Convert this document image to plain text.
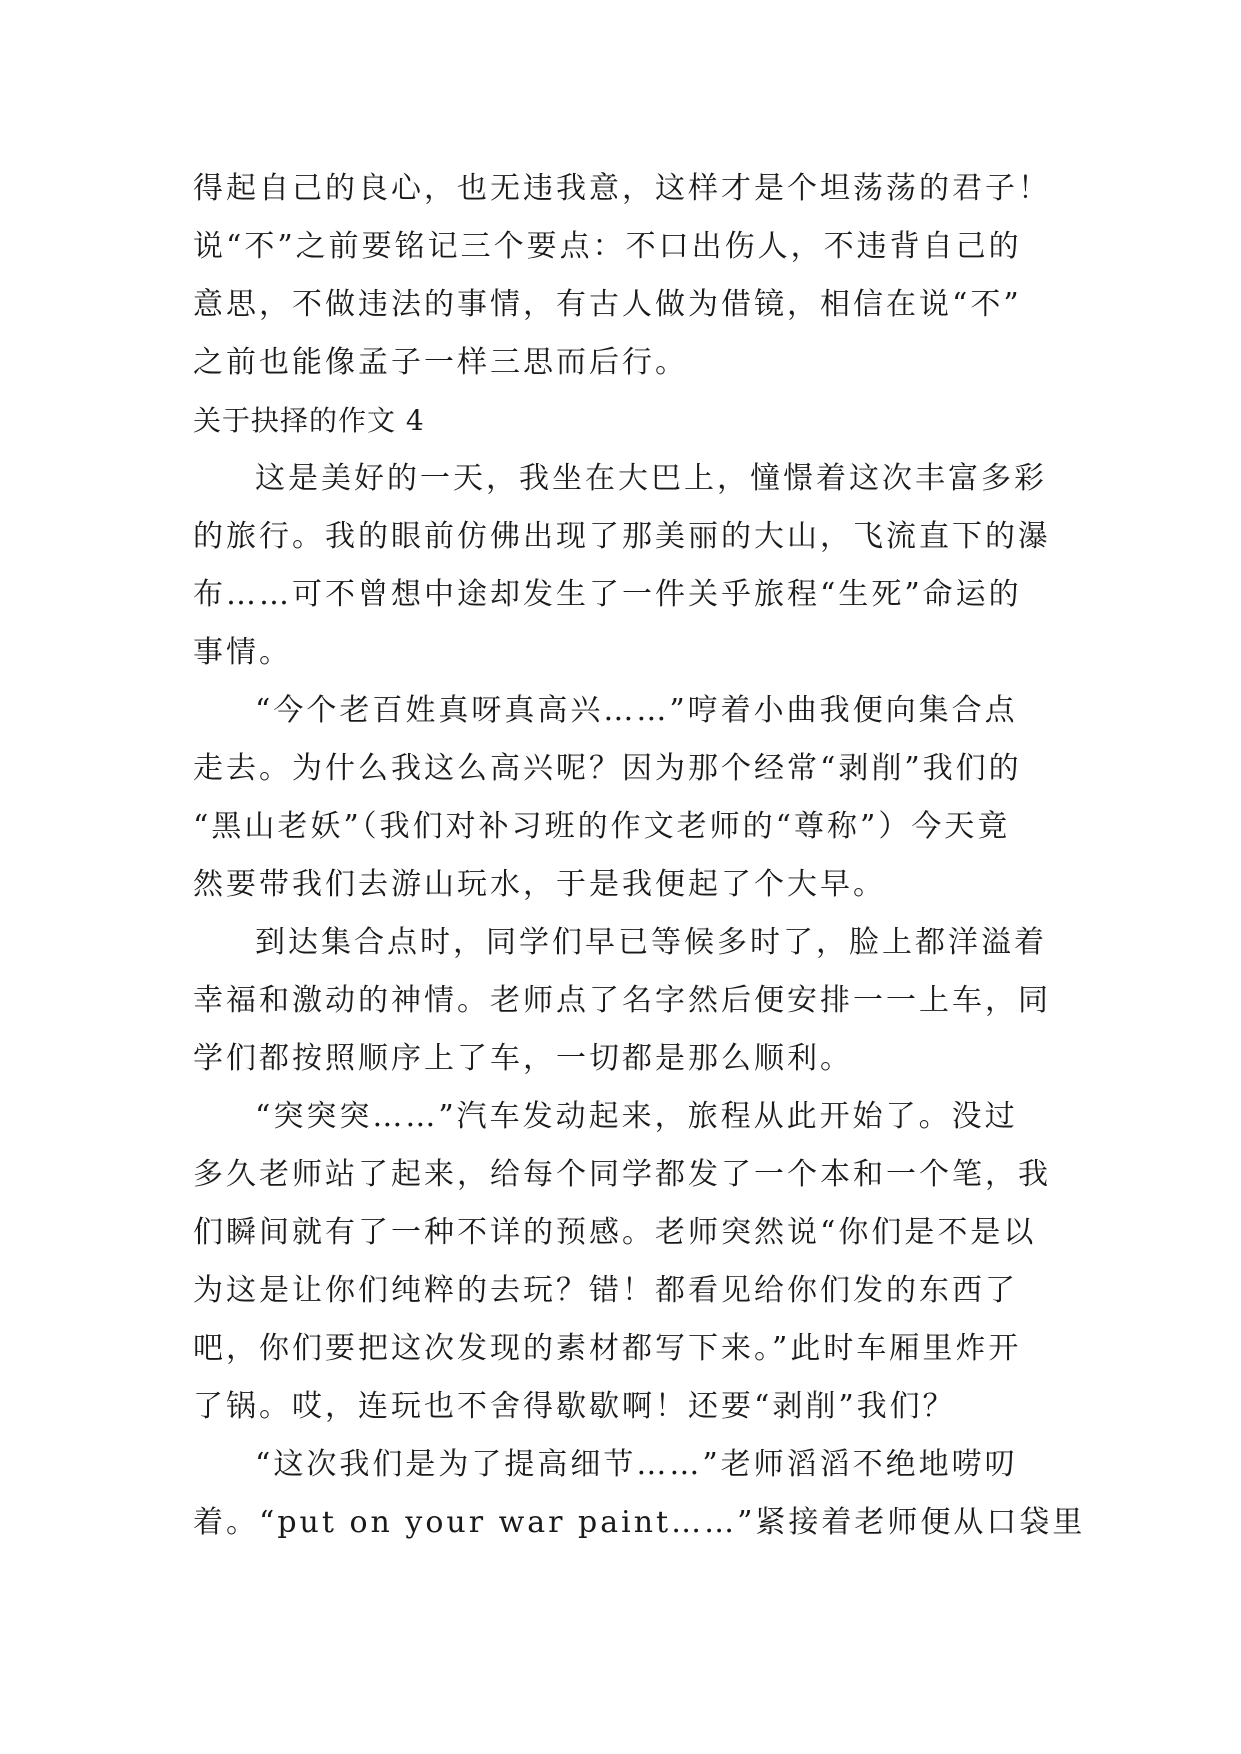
得起自己的良心，也无违我意，这样才是个坦荡荡的君子！
说“不”之前要铭记三个要点：不口出伤人，不违背自己的
意思，不做违法的事情，有古人做为借镜，相信在说“不”
之前也能像孟子一样三思而后行。
关于抉择的作文 4
这是美好的一天，我坐在大巴上，憧憬着这次丰富多彩
的旅行。我的眼前仿佛出现了那美丽的大山，飞流直下的瀑
布……可不曾想中途却发生了一件关乎旅程“生死”命运的
事情。
“今个老百姓真呀真高兴……”哼着小曲我便向集合点
走去。为什么我这么高兴呢？因为那个经常“剥削”我们的
“黑山老妖”（我们对补习班的作文老师的“尊称”）今天竟
然要带我们去游山玩水，于是我便起了个大早。
到达集合点时，同学们早已等候多时了，脸上都洋溢着
幸福和激动的神情。老师点了名字然后便安排一一上车，同
学们都按照顺序上了车，一切都是那么顺利。
“突突突……”汽车发动起来，旅程从此开始了。没过
多久老师站了起来，给每个同学都发了一个本和一个笔，我
们瞬间就有了一种不详的预感。老师突然说“你们是不是以
为这是让你们纯粹的去玩？错！都看见给你们发的东西了
吧，你们要把这次发现的素材都写下来。”此时车厢里炸开
了锅。哎，连玩也不舍得歇歇啊！还要“剥削”我们？
“这次我们是为了提高细节……”老师滔滔不绝地唠叨
着。“put on your war paint……”紧接着老师便从口袋里
